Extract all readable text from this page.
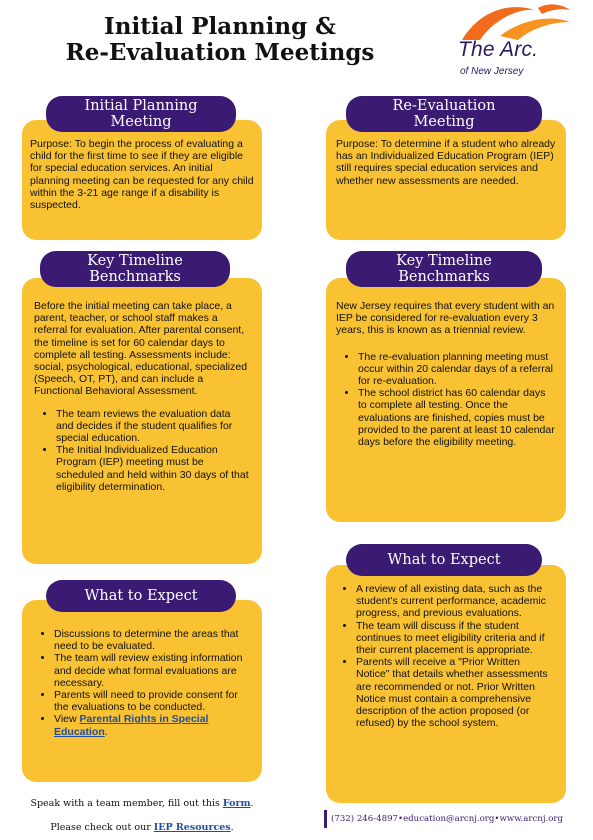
Initial Planning &
Re-Evaluation Meetings	The Arc.
of New Jersey

Purpose: To begin the process of evaluating a child for the first time to see if they are eligible for special education services. An initial planning meeting can be requested for any child within the 3-21 age range if a disability is suspected.

Initial Planning
Meeting

Before the initial meeting can take place, a parent, teacher, or school staff makes a referral for evaluation. After parental consent, the timeline is set for 60 calendar days to complete all testing. Assessments include: social, psychological, educational, specialized (Speech, OT, PT), and can include a Functional Behavioral Assessment.

• The team reviews the evaluation data and decides if the student qualifies for special education.
• The Initial Individualized Education Program (IEP) meeting must be scheduled and held within 30 days of that eligibility determination.
Key Timeline
Benchmarks
• Discussions to determine the areas that need to be evaluated.
• The team will review existing information and decide what formal evaluations are necessary.
• Parents will need to provide consent for the evaluations to be conducted.
• View Parental Rights in Special Education.
What to Expect

Purpose: To determine if a student who already has an Individualized Education Program (IEP) still requires special education services and whether new assessments are needed.

Re-Evaluation
Meeting

New Jersey requires that every student with an IEP be considered for re-evaluation every 3 years, this is known as a triennial review.

• The re-evaluation planning meeting must occur within 20 calendar days of a referral for re-evaluation.
• The school district has 60 calendar days to complete all testing. Once the evaluations are finished, copies must be provided to the parent at least 10 calendar days before the eligibility meeting.
Key Timeline
Benchmarks
• A review of all existing data, such as the student's current performance, academic progress, and previous evaluations.
• The team will discuss if the student continues to meet eligibility criteria and if their current placement is appropriate.
• Parents will receive a "Prior Written Notice" that details whether assessments are recommended or not. Prior Written Notice must contain a comprehensive description of the action proposed (or refused) by the school system.
What to Expect
Speak with a team member, fill out this Form.
Please check out our IEP Resources.
(732) 246-4897•education@arcnj.org•www.arcnj.org
